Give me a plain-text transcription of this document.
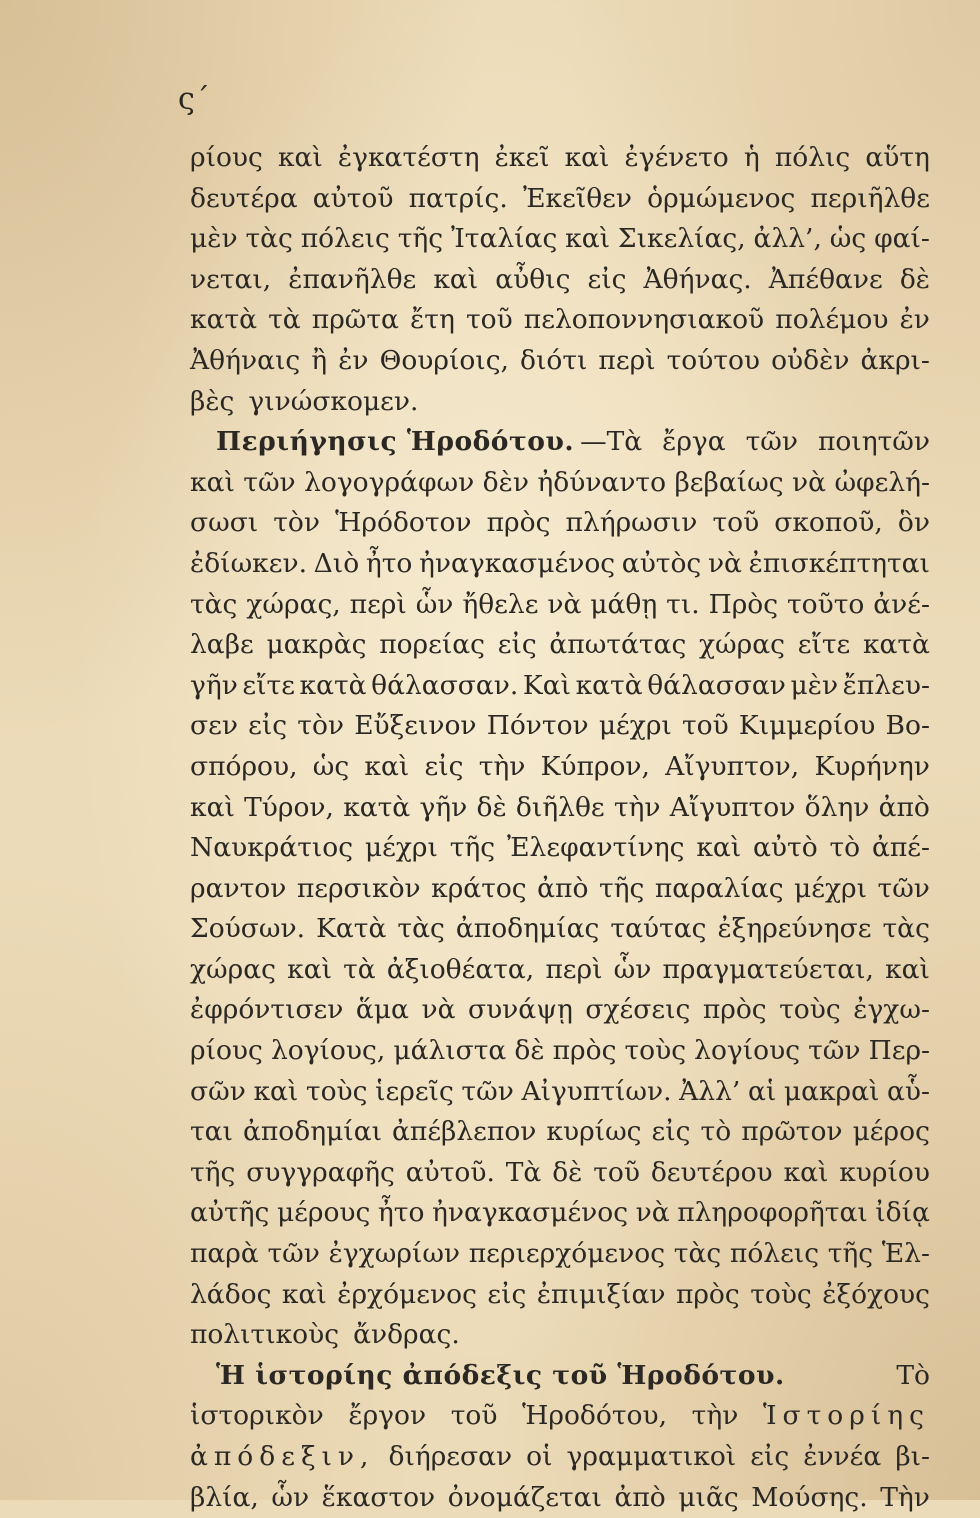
ς´
ρίους καὶ ἐγκατέστη ἐκεῖ καὶ ἐγένετο ἡ πόλις αὕτη
δευτέρα αὐτοῦ πατρίς. Ἐκεῖθεν ὁρμώμενος περιῆλθε
μὲν τὰς πόλεις τῆς Ἰταλίας καὶ Σικελίας, ἀλλ’, ὡς φαί-
νεται, ἐπανῆλθε καὶ αὖθις εἰς Ἀθήνας. Ἀπέθανε δὲ
κατὰ τὰ πρῶτα ἔτη τοῦ πελοποννησιακοῦ πολέμου ἐν
Ἀθήναις ἢ ἐν Θουρίοις, διότι περὶ τούτου οὐδὲν ἀκρι-
βὲς γινώσκομεν.
Περιήγησις Ἡροδότου. —Τὰ ἔργα τῶν ποιητῶν
καὶ τῶν λογογράφων δὲν ἠδύναντο βεβαίως νὰ ὠφελή-
σωσι τὸν Ἡρόδοτον πρὸς πλήρωσιν τοῦ σκοποῦ, ὃν
ἐδίωκεν. Διὸ ἦτο ἠναγκασμένος αὐτὸς νὰ ἐπισκέπτηται
τὰς χώρας, περὶ ὧν ἤθελε νὰ μάθῃ τι. Πρὸς τοῦτο ἀνέ-
λαβε μακρὰς πορείας εἰς ἀπωτάτας χώρας εἴτε κατὰ
γῆν εἴτε κατὰ θάλασσαν. Καὶ κατὰ θάλασσαν μὲν ἔπλευ-
σεν εἰς τὸν Εὔξεινον Πόντον μέχρι τοῦ Κιμμερίου Βο-
σπόρου, ὡς καὶ εἰς τὴν Κύπρον, Αἴγυπτον, Κυρήνην
καὶ Τύρον, κατὰ γῆν δὲ διῆλθε τὴν Αἴγυπτον ὅλην ἀπὸ
Ναυκράτιος μέχρι τῆς Ἐλεφαντίνης καὶ αὐτὸ τὸ ἀπέ-
ραντον περσικὸν κράτος ἀπὸ τῆς παραλίας μέχρι τῶν
Σούσων. Κατὰ τὰς ἀποδημίας ταύτας ἐξηρεύνησε τὰς
χώρας καὶ τὰ ἀξιοθέατα, περὶ ὧν πραγματεύεται, καὶ
ἐφρόντισεν ἅμα νὰ συνάψῃ σχέσεις πρὸς τοὺς ἐγχω-
ρίους λογίους, μάλιστα δὲ πρὸς τοὺς λογίους τῶν Περ-
σῶν καὶ τοὺς ἱερεῖς τῶν Αἰγυπτίων. Ἀλλ’ αἱ μακραὶ αὗ-
ται ἀποδημίαι ἀπέβλεπον κυρίως εἰς τὸ πρῶτον μέρος
τῆς συγγραφῆς αὐτοῦ. Τὰ δὲ τοῦ δευτέρου καὶ κυρίου
αὐτῆς μέρους ἦτο ἠναγκασμένος νὰ πληροφορῆται ἰδίᾳ
παρὰ τῶν ἐγχωρίων περιερχόμενος τὰς πόλεις τῆς Ἑλ-
λάδος καὶ ἐρχόμενος εἰς ἐπιμιξίαν πρὸς τοὺς ἐξόχους
πολιτικοὺς ἄνδρας.
Ἡ ἱστορίης ἀπόδεξις τοῦ Ἡροδότου.	Τὸ
ἱστορικὸν ἔργον τοῦ Ἡροδότου, τὴν Ἱστορίης
ἀπόδεξιν, διήρεσαν οἱ γραμματικοὶ εἰς ἐννέα βι-
βλία, ὧν ἕκαστον ὀνομάζεται ἀπὸ μιᾶς Μούσης. Τὴν
